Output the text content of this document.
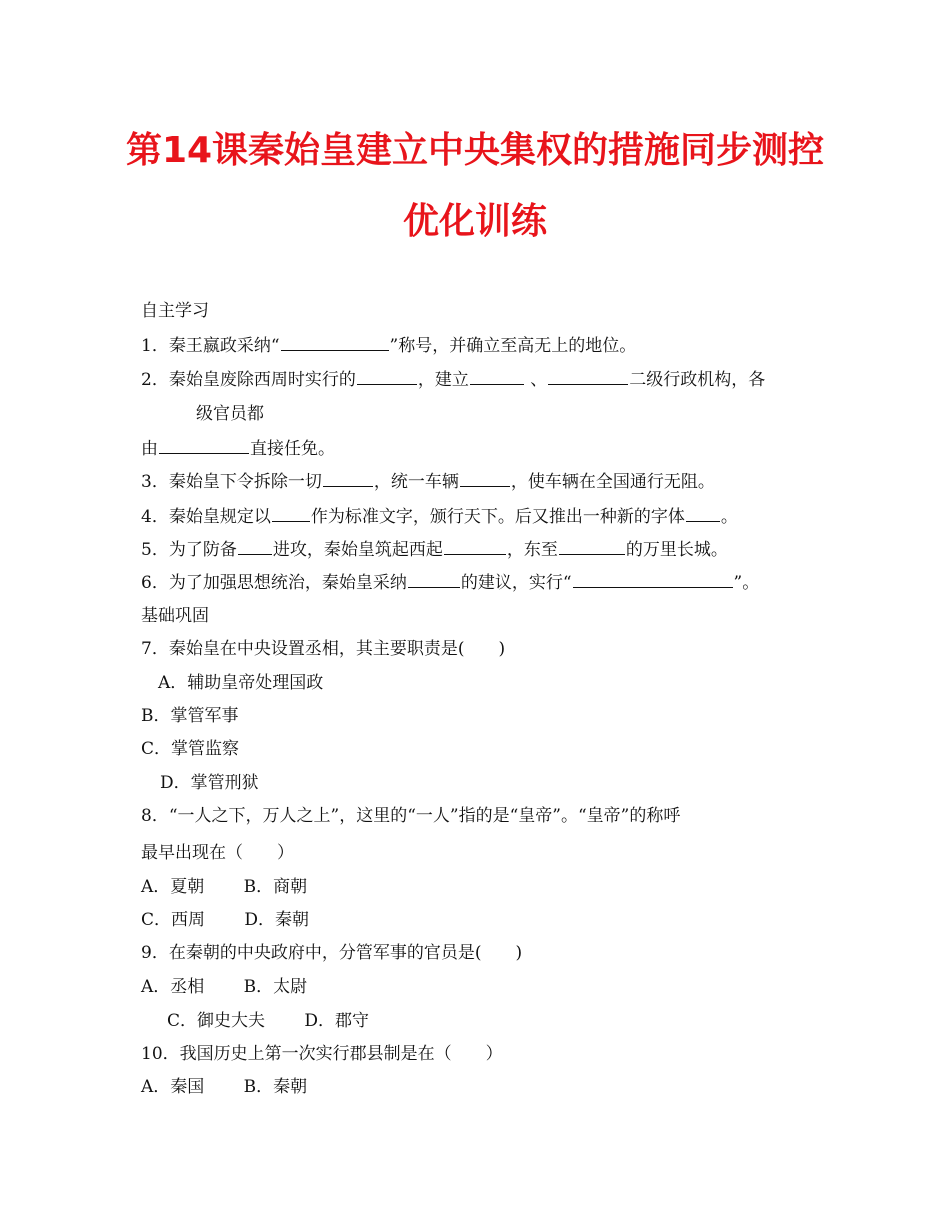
第14课秦始皇建立中央集权的措施同步测控
优化训练
自主学习
1．秦王嬴政采纳“	”称号，并确立至高无上的地位。
2．秦始皇废除西周时实行的	，建立	、	二级行政机构，各
级官员都
由	直接任免。
3．秦始皇下令拆除一切	，统一车辆	，使车辆在全国通行无阻。
4．秦始皇规定以 作为标准文字，颁行天下。后又推出一种新的字体 。
5．为了防备 进攻，秦始皇筑起西起	，东至	的万里长城。
6．为了加强思想统治，秦始皇采纳	的建议，实行“	”。
基础巩固
7．秦始皇在中央设置丞相，其主要职责是(　　)
A．辅助皇帝处理国政
B．掌管军事
C．掌管监察
D．掌管刑狱
8．“一人之下，万人之上”，这里的“一人”指的是“皇帝”。“皇帝”的称呼
最早出现在（　　）
A．夏朝　　 B．商朝
C．西周　　 D．秦朝
9．在秦朝的中央政府中，分管军事的官员是(　　)
A．丞相　　 B．太尉
C．御史大夫　　 D．郡守
10．我国历史上第一次实行郡县制是在（　　）
A．秦国　　 B．秦朝
